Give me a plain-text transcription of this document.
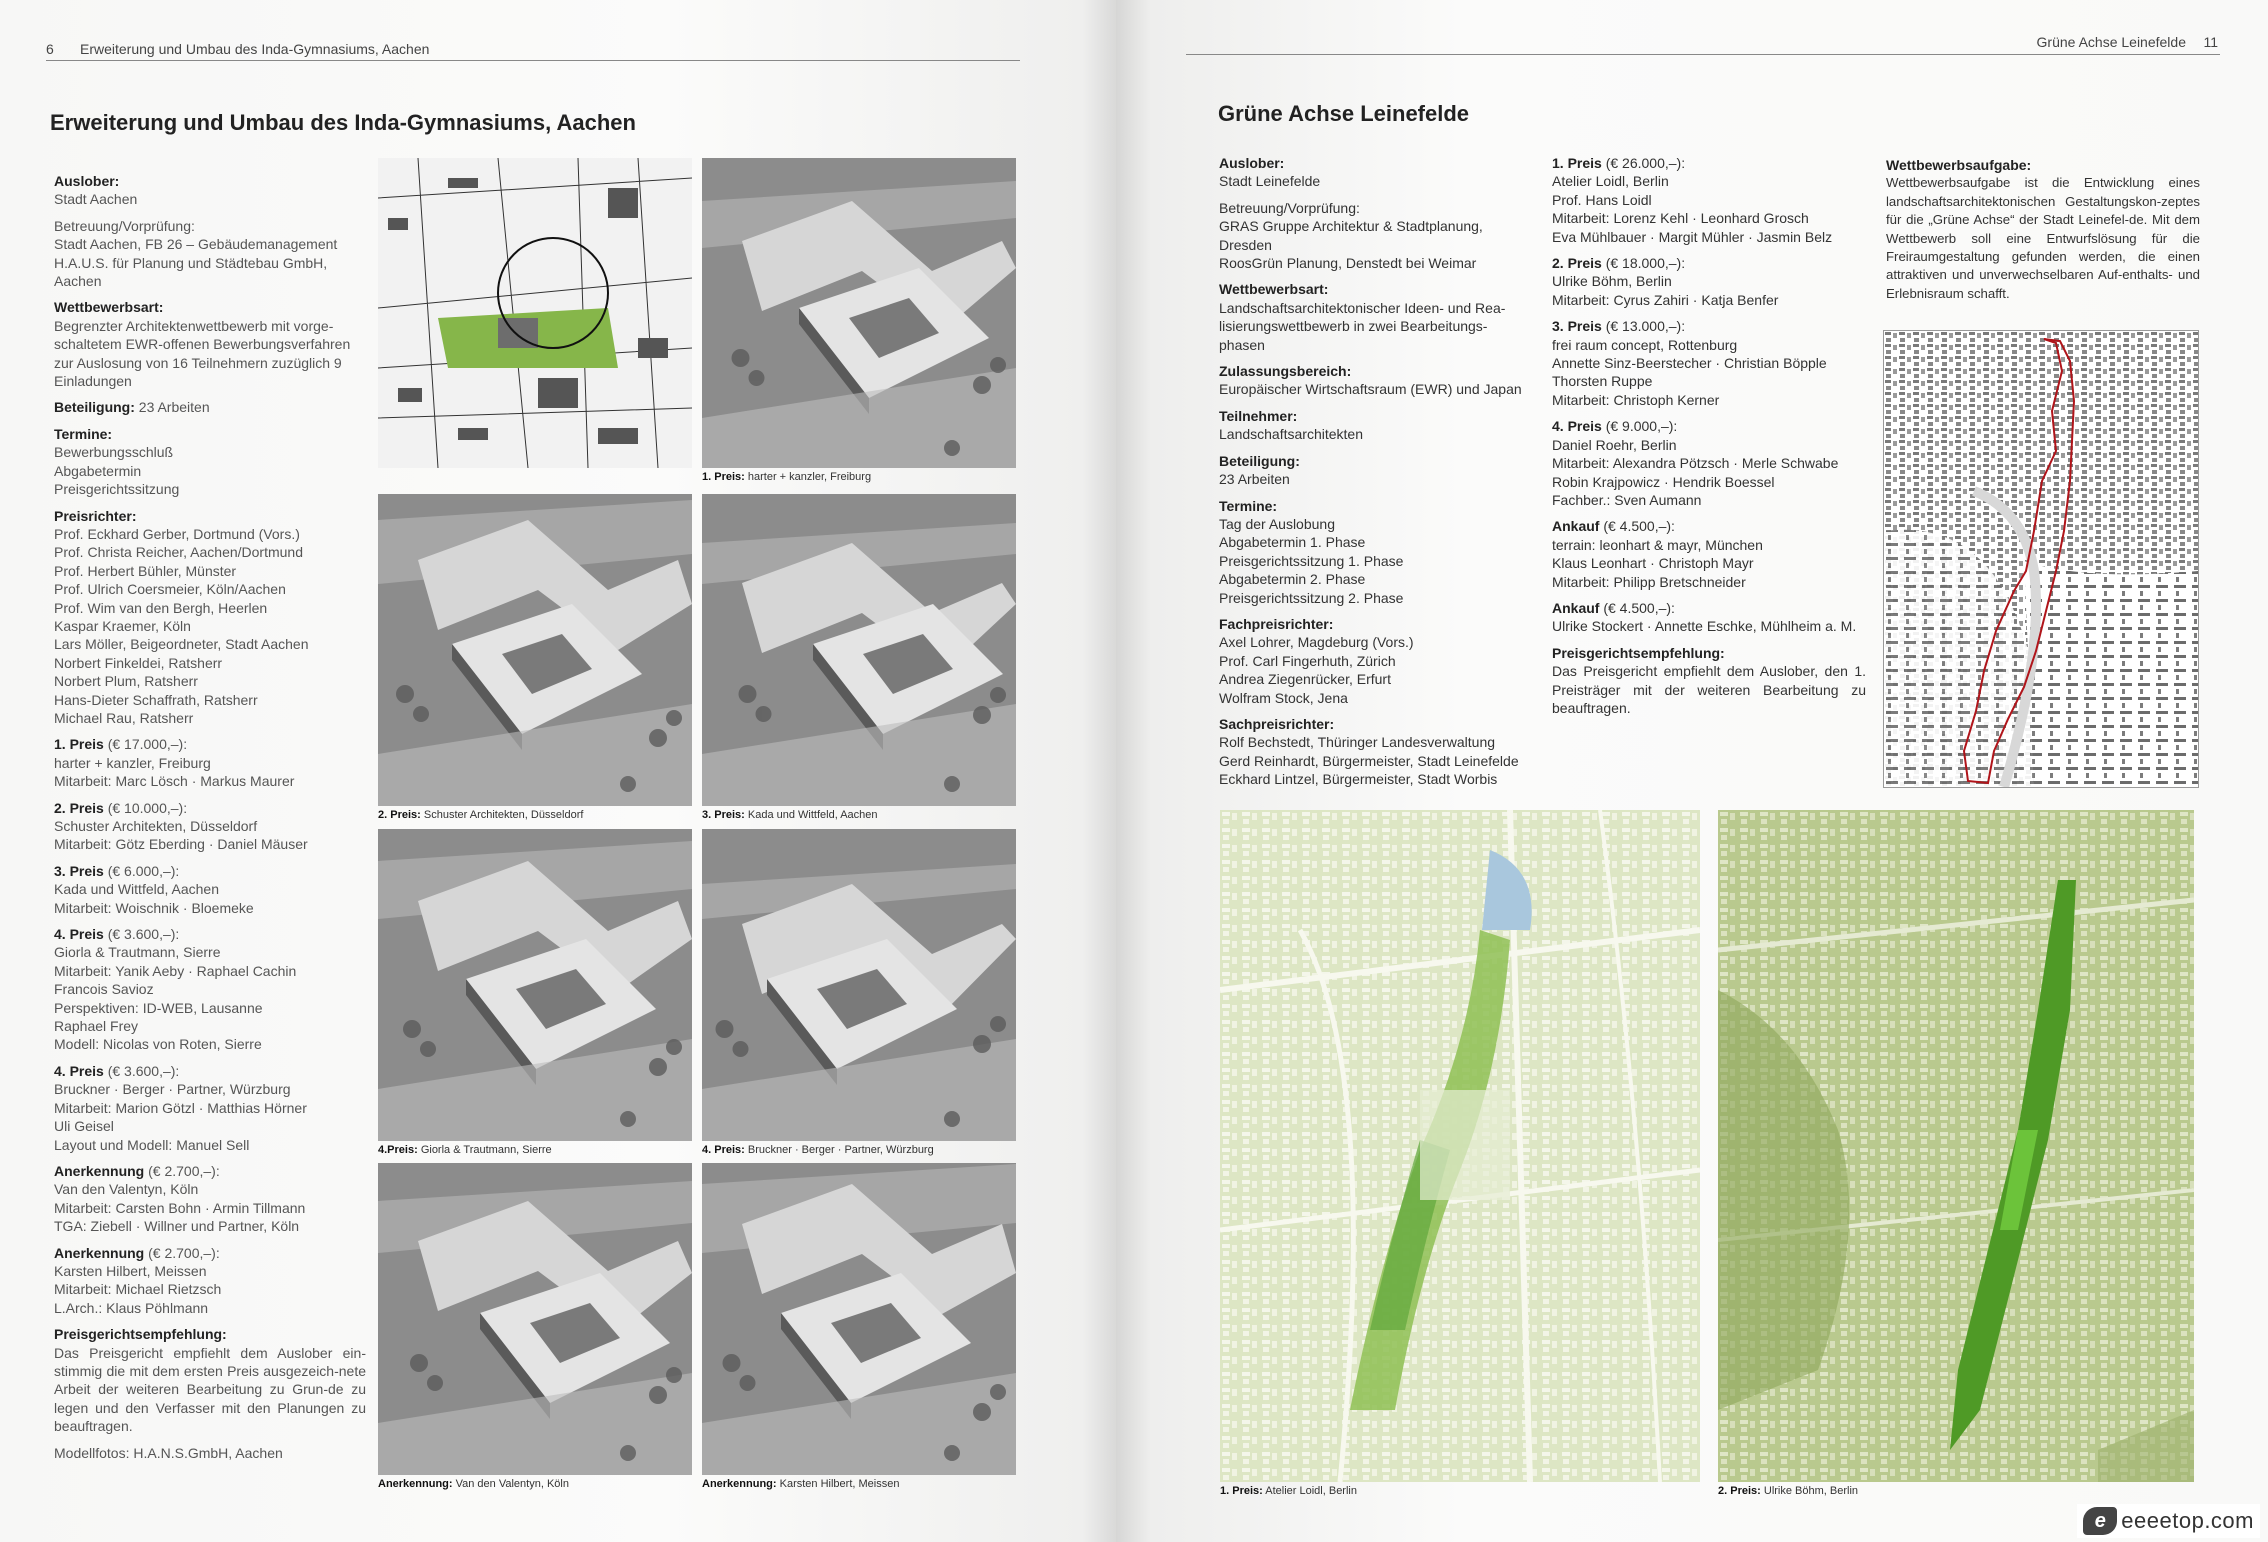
6 Erweiterung und Umbau des Inda-Gymnasiums, Aachen
Erweiterung und Umbau des Inda-Gymnasiums, Aachen
Auslober:
Stadt Aachen
Betreuung/Vorprüfung:
Stadt Aachen, FB 26 – Gebäudemanagement
H.A.U.S. für Planung und Städtebau GmbH,
Aachen
Wettbewerbsart:
Begrenzter Architektenwettbewerb mit vorge-
schaltetem EWR-offenen Bewerbungsverfahren
zur Auslosung von 16 Teilnehmern zuzüglich 9
Einladungen
Beteiligung: 23 Arbeiten
Termine:
Bewerbungsschluß
Abgabetermin
Preisgerichtssitzung
Preisrichter:
Prof. Eckhard Gerber, Dortmund (Vors.)
Prof. Christa Reicher, Aachen/Dortmund
Prof. Herbert Bühler, Münster
Prof. Ulrich Coersmeier, Köln/Aachen
Prof. Wim van den Bergh, Heerlen
Kaspar Kraemer, Köln
Lars Möller, Beigeordneter, Stadt Aachen
Norbert Finkeldei, Ratsherr
Norbert Plum, Ratsherr
Hans-Dieter Schaffrath, Ratsherr
Michael Rau, Ratsherr
1. Preis (€ 17.000,–):
harter + kanzler, Freiburg
Mitarbeit: Marc Lösch · Markus Maurer
2. Preis (€ 10.000,–):
Schuster Architekten, Düsseldorf
Mitarbeit: Götz Eberding · Daniel Mäuser
3. Preis (€ 6.000,–):
Kada und Wittfeld, Aachen
Mitarbeit: Woischnik · Bloemeke
4. Preis (€ 3.600,–):
Giorla & Trautmann, Sierre
Mitarbeit: Yanik Aeby · Raphael Cachin
Francois Savioz
Perspektiven: ID-WEB, Lausanne
Raphael Frey
Modell: Nicolas von Roten, Sierre
4. Preis (€ 3.600,–):
Bruckner · Berger · Partner, Würzburg
Mitarbeit: Marion Götzl · Matthias Hörner
Uli Geisel
Layout und Modell: Manuel Sell
Anerkennung (€ 2.700,–):
Van den Valentyn, Köln
Mitarbeit: Carsten Bohn · Armin Tillmann
TGA: Ziebell · Willner und Partner, Köln
Anerkennung (€ 2.700,–):
Karsten Hilbert, Meissen
Mitarbeit: Michael Rietzsch
L.Arch.: Klaus Pöhlmann
Preisgerichtsempfehlung:
Das Preisgericht empfiehlt dem Auslober ein-stimmig die mit dem ersten Preis ausgezeich-nete Arbeit der weiteren Bearbeitung zu Grun-de zu legen und den Verfasser mit den Planungen zu beauftragen.
Modellfotos: H.A.N.S.GmbH, Aachen
1. Preis: harter + kanzler, Freiburg
2. Preis: Schuster Architekten, Düsseldorf	3. Preis: Kada und Wittfeld, Aachen
4.Preis: Giorla & Trautmann, Sierre	4. Preis: Bruckner · Berger · Partner, Würzburg
Anerkennung: Van den Valentyn, Köln	Anerkennung: Karsten Hilbert, Meissen
Grüne Achse Leinefelde 11
Grüne Achse Leinefelde
Auslober:
Stadt Leinefelde
Betreuung/Vorprüfung:
GRAS Gruppe Architektur & Stadtplanung,
Dresden
RoosGrün Planung, Denstedt bei Weimar
Wettbewerbsart:
Landschaftsarchitektonischer Ideen- und Rea-
lisierungswettbewerb in zwei Bearbeitungs-
phasen
Zulassungsbereich:
Europäischer Wirtschaftsraum (EWR) und Japan
Teilnehmer:
Landschaftsarchitekten
Beteiligung:
23 Arbeiten
Termine:
Tag der Auslobung
Abgabetermin 1. Phase
Preisgerichtssitzung 1. Phase
Abgabetermin 2. Phase
Preisgerichtssitzung 2. Phase
Fachpreisrichter:
Axel Lohrer, Magdeburg (Vors.)
Prof. Carl Fingerhuth, Zürich
Andrea Ziegenrücker, Erfurt
Wolfram Stock, Jena
Sachpreisrichter:
Rolf Bechstedt, Thüringer Landesverwaltung
Gerd Reinhardt, Bürgermeister, Stadt Leinefelde
Eckhard Lintzel, Bürgermeister, Stadt Worbis
1. Preis (€ 26.000,–):
Atelier Loidl, Berlin
Prof. Hans Loidl
Mitarbeit: Lorenz Kehl · Leonhard Grosch
Eva Mühlbauer · Margit Mühler · Jasmin Belz
2. Preis (€ 18.000,–):
Ulrike Böhm, Berlin
Mitarbeit: Cyrus Zahiri · Katja Benfer
3. Preis (€ 13.000,–):
frei raum concept, Rottenburg
Annette Sinz-Beerstecher · Christian Böpple
Thorsten Ruppe
Mitarbeit: Christoph Kerner
4. Preis (€ 9.000,–):
Daniel Roehr, Berlin
Mitarbeit: Alexandra Pötzsch · Merle Schwabe
Robin Krajpowicz · Hendrik Boessel
Fachber.: Sven Aumann
Ankauf (€ 4.500,–):
terrain: leonhart & mayr, München
Klaus Leonhart · Christoph Mayr
Mitarbeit: Philipp Bretschneider
Ankauf (€ 4.500,–):
Ulrike Stockert · Annette Eschke, Mühlheim a. M.
Preisgerichtsempfehlung:
Das Preisgericht empfiehlt dem Auslober, den 1. Preisträger mit der weiteren Bearbeitung zu beauftragen.
Wettbewerbsaufgabe:
Wettbewerbsaufgabe ist die Entwicklung eines landschaftsarchitektonischen Gestaltungskon-zeptes für die „Grüne Achse“ der Stadt Leinefel-de. Mit dem Wettbewerb soll eine Entwurfslösung für die Freiraumgestaltung gefunden werden, die einen attraktiven und unverwechselbaren Auf-enthalts- und Erlebnisraum schafft.
1. Preis: Atelier Loidl, Berlin	2. Preis: Ulrike Böhm, Berlin
e eeeetop.com
